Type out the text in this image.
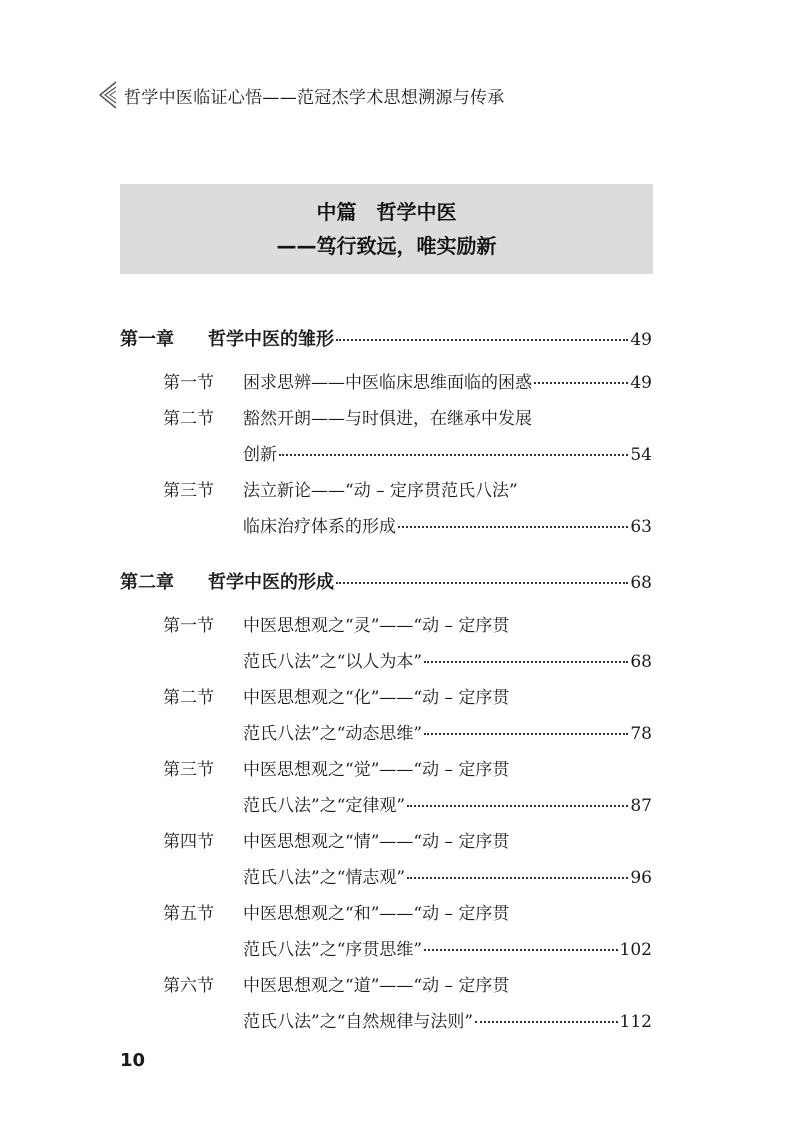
哲学中医临证心悟——范冠杰学术思想溯源与传承
中篇　哲学中医
——笃行致远，唯实励新
第一章 哲学中医的雏形	49
第一节 困求思辨——中医临床思维面临的困惑	49
第二节 豁然开朗——与时俱进，在继承中发展
创新	54
第三节 法立新论——“动 – 定序贯范氏八法”
临床治疗体系的形成	63
第二章 哲学中医的形成	68
第一节 中医思想观之“灵”——“动 – 定序贯
范氏八法”之“以人为本”	68
第二节 中医思想观之“化”——“动 – 定序贯
范氏八法”之“动态思维”	78
第三节 中医思想观之“觉”——“动 – 定序贯
范氏八法”之“定律观”	87
第四节 中医思想观之“情”——“动 – 定序贯
范氏八法”之“情志观”	96
第五节 中医思想观之“和”——“动 – 定序贯
范氏八法”之“序贯思维”	102
第六节 中医思想观之“道”——“动 – 定序贯
范氏八法”之“自然规律与法则”	112
10
